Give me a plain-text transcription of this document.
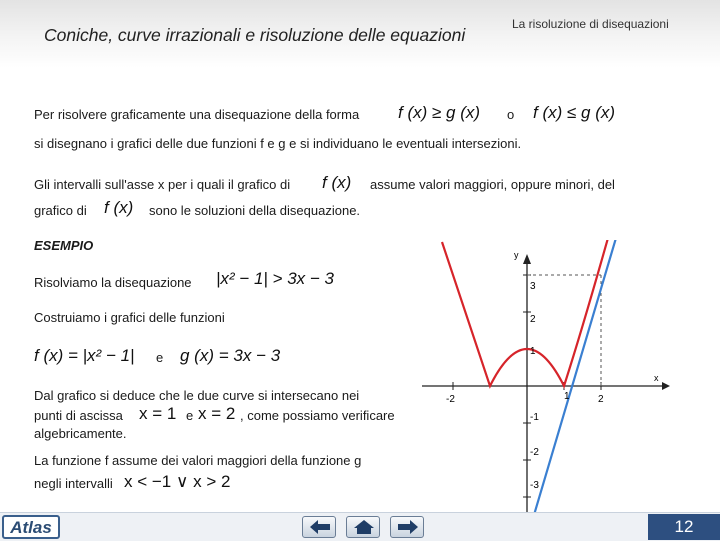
Coniche, curve irrazionali e risoluzione delle equazioni
La risoluzione di disequazioni
Per risolvere graficamente una disequazione della forma f (x) ≥ g (x) o f (x) ≤ g (x)
si disegnano i grafici delle due funzioni f e g e si individuano le eventuali intersezioni.
Gli intervalli sull'asse x per i quali il grafico di f (x) assume valori maggiori, oppure minori, del
grafico di f (x) sono le soluzioni della disequazione.
ESEMPIO
Risolviamo la disequazione |x² − 1| > 3x − 3
Costruiamo i grafici delle funzioni
f (x) = |x² − 1| e g (x) = 3x − 3
Dal grafico si deduce che le due curve si intersecano nei
punti di ascissa x = 1 e x = 2 , come possiamo verificare
algebricamente.
La funzione f assume dei valori maggiori della funzione g
negli intervalli x < −1 ∨ x > 2
y
x
-2	1	2
3
2
1
-1
-2
-3
Atlas	12
